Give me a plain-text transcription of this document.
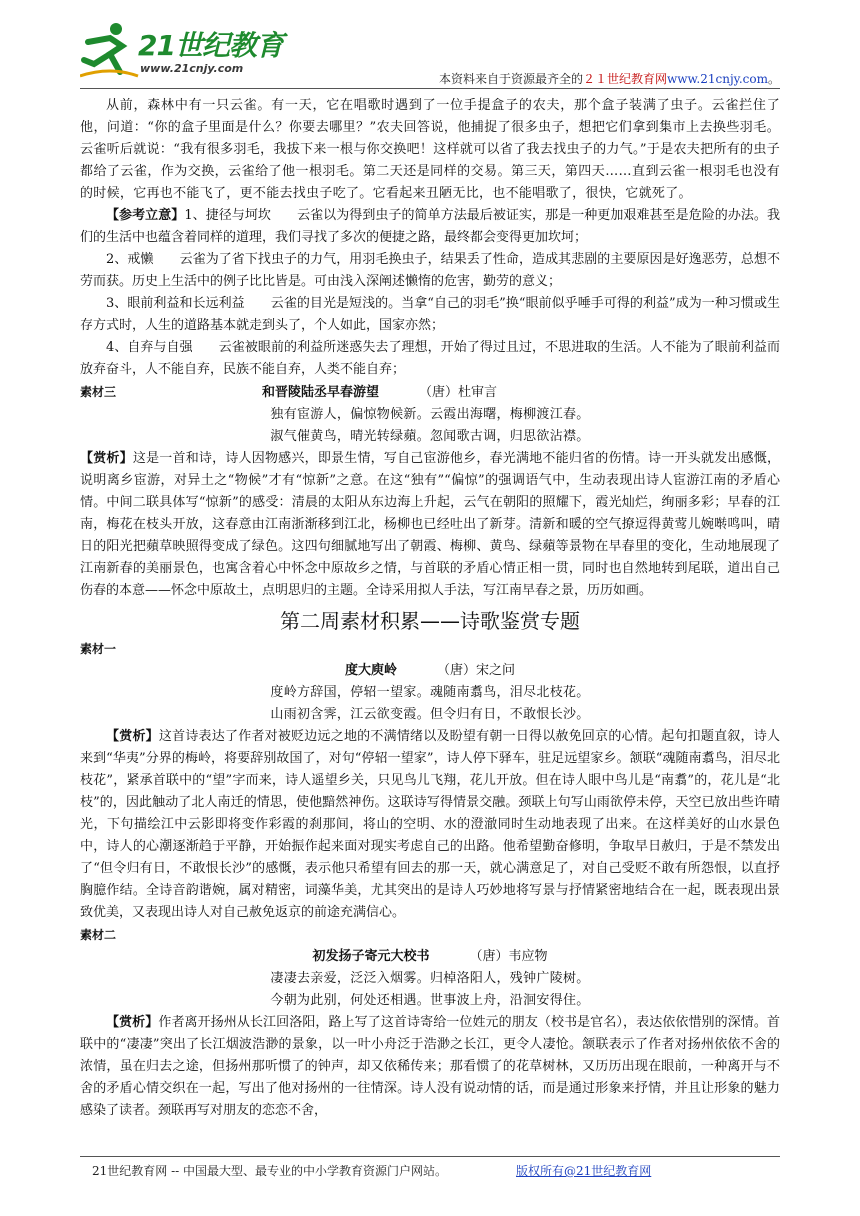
21世纪教育
www.21cnjy.com
本资料来自于资源最齐全的２１世纪教育网www.21cnjy.com。

从前，森林中有一只云雀。有一天，它在唱歌时遇到了一位手提盒子的农夫，那个盒子装满了虫子。云雀拦住了他，问道：“你的盒子里面是什么？你要去哪里？”农夫回答说，他捕捉了很多虫子，想把它们拿到集市上去换些羽毛。云雀听后就说：“我有很多羽毛，我拔下来一根与你交换吧！这样就可以省了我去找虫子的力气。”于是农夫把所有的虫子都给了云雀，作为交换，云雀给了他一根羽毛。第二天还是同样的交易。第三天，第四天……直到云雀一根羽毛也没有的时候，它再也不能飞了，更不能去找虫子吃了。它看起来丑陋无比，也不能唱歌了，很快，它就死了。

【参考立意】1、捷径与坷坎　　云雀以为得到虫子的简单方法最后被证实，那是一种更加艰难甚至是危险的办法。我们的生活中也蕴含着同样的道理，我们寻找了多次的便捷之路，最终都会变得更加坎坷；

2、戒懒　　云雀为了省下找虫子的力气，用羽毛换虫子，结果丢了性命，造成其悲剧的主要原因是好逸恶劳，总想不劳而获。历史上生活中的例子比比皆是。可由浅入深阐述懒惰的危害，勤劳的意义；

3、眼前利益和长远利益　　云雀的目光是短浅的。当拿“自己的羽毛”换“眼前似乎唾手可得的利益”成为一种习惯或生存方式时，人生的道路基本就走到头了，个人如此，国家亦然；

4、自弃与自强　　云雀被眼前的利益所迷惑失去了理想，开始了得过且过，不思进取的生活。人不能为了眼前利益而放弃奋斗，人不能自弃，民族不能自弃，人类不能自弃；

素材三	和晋陵陆丞早春游望	（唐）杜审言

独有宦游人，偏惊物候新。云霞出海曙，梅柳渡江春。

淑气催黄鸟，晴光转绿蘋。忽闻歌古调，归思欲沾襟。

【赏析】这是一首和诗，诗人因物感兴，即景生情，写自己宦游他乡，春光满地不能归省的伤情。诗一开头就发出感慨，说明离乡宦游，对异土之“物候”才有“惊新”之意。在这“独有”“偏惊”的强调语气中，生动表现出诗人宦游江南的矛盾心情。中间二联具体写“惊新”的感受：清晨的太阳从东边海上升起，云气在朝阳的照耀下，霞光灿烂，绚丽多彩；早春的江南，梅花在枝头开放，这春意由江南浙渐移到江北，杨柳也已经吐出了新芽。清新和暖的空气撩逗得黄莺儿婉啭鸣叫，晴日的阳光把蘋草映照得变成了绿色。这四句细腻地写出了朝霞、梅柳、黄鸟、绿蘋等景物在早春里的变化，生动地展现了江南新春的美丽景色，也寓含着心中怀念中原故乡之情，与首联的矛盾心情正相一贯，同时也自然地转到尾联，道出自己伤春的本意——怀念中原故土，点明思归的主题。全诗采用拟人手法，写江南早春之景，历历如画。

第二周素材积累——诗歌鉴赏专题

素材一

度大庾岭	（唐）宋之问

度岭方辞国，停轺一望家。魂随南翥鸟，泪尽北枝花。

山雨初含霁，江云欲变霞。但令归有日，不敢恨长沙。

【赏析】这首诗表达了作者对被贬边远之地的不满情绪以及盼望有朝一日得以赦免回京的心情。起句扣题直叙，诗人来到“华夷”分界的梅岭，将要辞别故国了，对句“停轺一望家”，诗人停下驿车，驻足远望家乡。颔联“魂随南翥鸟，泪尽北枝花”，紧承首联中的“望”字而来，诗人遥望乡关，只见鸟儿飞翔，花儿开放。但在诗人眼中鸟儿是“南翥”的，花儿是“北枝”的，因此触动了北人南迁的情思，使他黯然神伤。这联诗写得情景交融。颈联上句写山雨欲停未停，天空已放出些许晴光，下句描绘江中云影即将变作彩霞的刹那间，将山的空明、水的澄澈同时生动地表现了出来。在这样美好的山水景色中，诗人的心潮逐渐趋于平静，开始振作起来面对现实考虑自己的出路。他希望勤奋修明，争取早日赦归，于是不禁发出了“但令归有日，不敢恨长沙”的感慨，表示他只希望有回去的那一天，就心满意足了，对自己受贬不敢有所怨恨，以直抒胸臆作结。全诗音韵谐婉，属对精密，词藻华美，尤其突出的是诗人巧妙地将写景与抒情紧密地结合在一起，既表现出景致优美，又表现出诗人对自己赦免返京的前途充满信心。

素材二

初发扬子寄元大校书	（唐）韦应物

凄凄去亲爱，泛泛入烟雾。归棹洛阳人，残钟广陵树。

今朝为此别，何处还相遇。世事波上舟，沿洄安得住。

【赏析】作者离开扬州从长江回洛阳，路上写了这首诗寄给一位姓元的朋友（校书是官名），表达依依惜别的深情。首联中的“凄凄”突出了长江烟波浩渺的景象，以一叶小舟泛于浩渺之长江，更令人凄怆。颔联表示了作者对扬州依依不舍的浓情，虽在归去之途，但扬州那听惯了的钟声，却又依稀传来；那看惯了的花草树林，又历历出现在眼前，一种离开与不舍的矛盾心情交织在一起，写出了他对扬州的一往情深。诗人没有说动情的话，而是通过形象来抒情，并且让形象的魅力感染了读者。颈联再写对朋友的恋恋不舍，

21世纪教育网 -- 中国最大型、最专业的中小学教育资源门户网站。	版权所有@21世纪教育网
